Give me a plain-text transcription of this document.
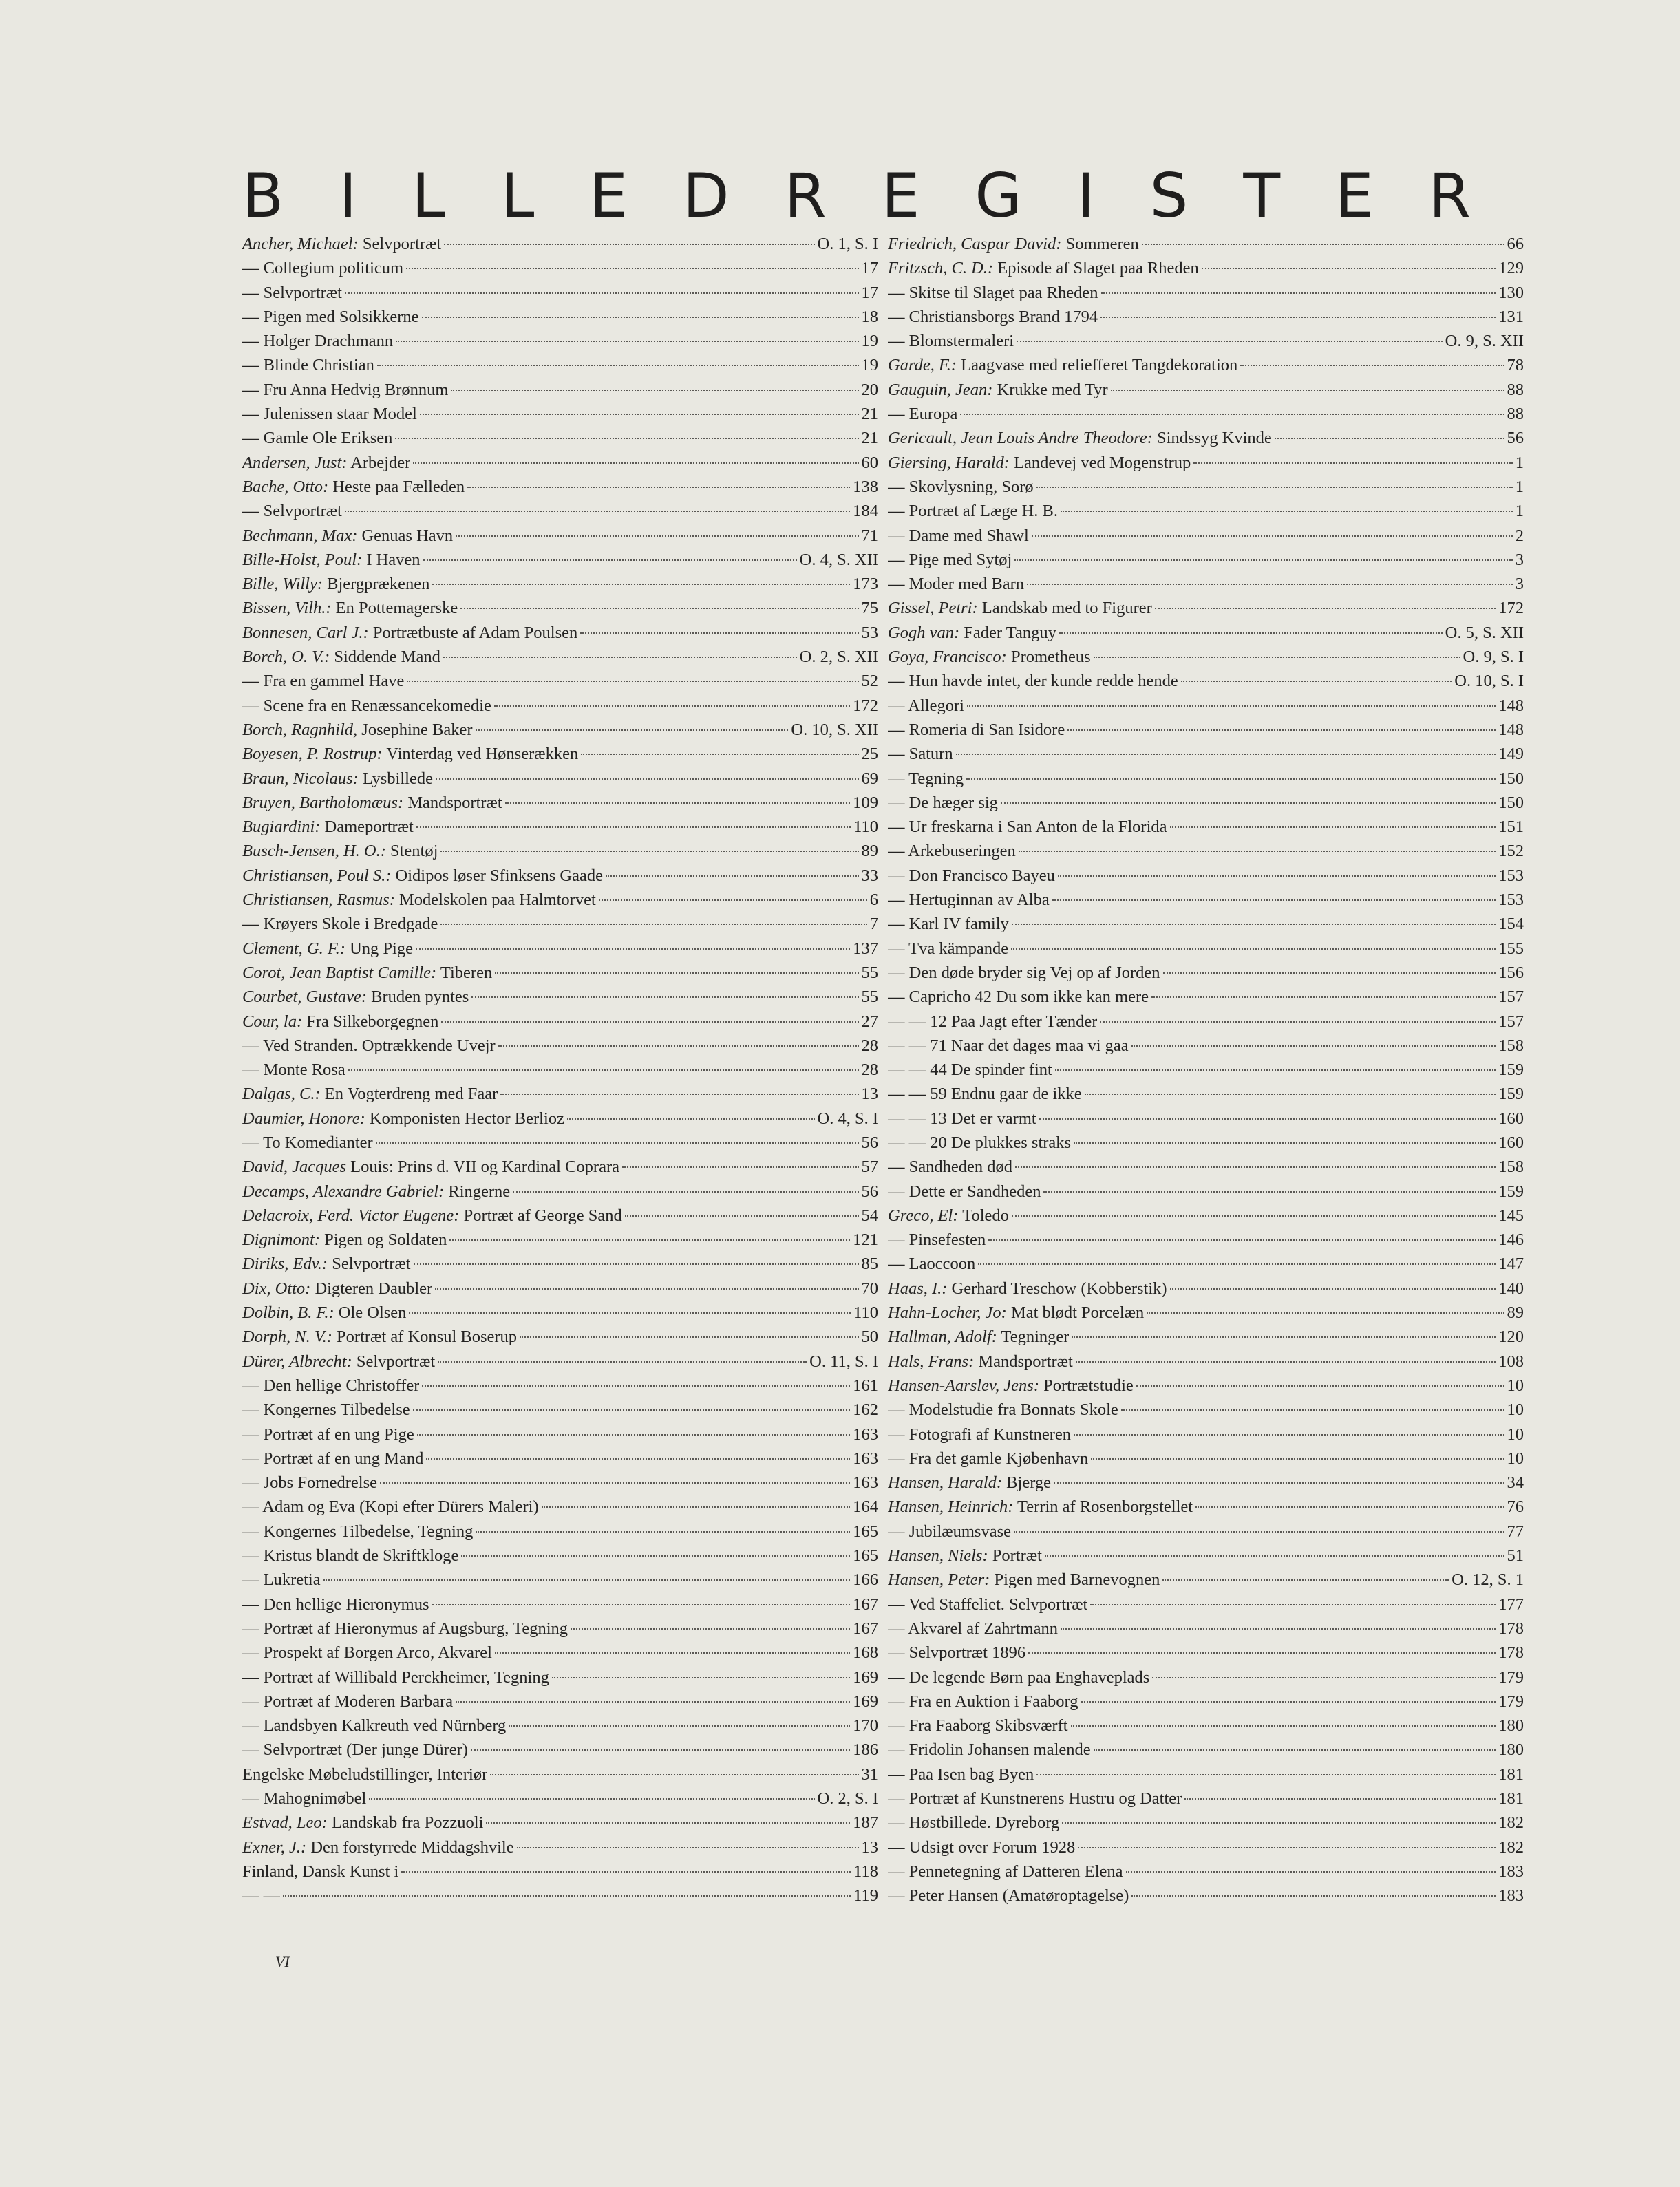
B I L L E D R E G I S T E R
Ancher, Michael: Selvportræt	O. 1, S. I
— Collegium politicum	17
— Selvportræt	17
— Pigen med Solsikkerne	18
— Holger Drachmann	19
— Blinde Christian	19
— Fru Anna Hedvig Brønnum	20
— Julenissen staar Model	21
— Gamle Ole Eriksen	21
Andersen, Just: Arbejder	60
Bache, Otto: Heste paa Fælleden	138
— Selvportræt	184
Bechmann, Max: Genuas Havn	71
Bille-Holst, Poul: I Haven	O. 4, S. XII
Bille, Willy: Bjergprækenen	173
Bissen, Vilh.: En Pottemagerske	75
Bonnesen, Carl J.: Portrætbuste af Adam Poulsen	53
Borch, O. V.: Siddende Mand	O. 2, S. XII
— Fra en gammel Have	52
— Scene fra en Renæssancekomedie	172
Borch, Ragnhild, Josephine Baker	O. 10, S. XII
Boyesen, P. Rostrup: Vinterdag ved Hønserækken	25
Braun, Nicolaus: Lysbillede	69
Bruyen, Bartholomæus: Mandsportræt	109
Bugiardini: Dameportræt	110
Busch-Jensen, H. O.: Stentøj	89
Christiansen, Poul S.: Oidipos løser Sfinksens Gaade	33
Christiansen, Rasmus: Modelskolen paa Halmtorvet	6
— Krøyers Skole i Bredgade	7
Clement, G. F.: Ung Pige	137
Corot, Jean Baptist Camille: Tiberen	55
Courbet, Gustave: Bruden pyntes	55
Cour, la: Fra Silkeborgegnen	27
— Ved Stranden. Optrækkende Uvejr	28
— Monte Rosa	28
Dalgas, C.: En Vogterdreng med Faar	13
Daumier, Honore: Komponisten Hector Berlioz	O. 4, S. I
— To Komedianter	56
David, Jacques Louis: Prins d. VII og Kardinal Coprara	57
Decamps, Alexandre Gabriel: Ringerne	56
Delacroix, Ferd. Victor Eugene: Portræt af George Sand	54
Dignimont: Pigen og Soldaten	121
Diriks, Edv.: Selvportræt	85
Dix, Otto: Digteren Daubler	70
Dolbin, B. F.: Ole Olsen	110
Dorph, N. V.: Portræt af Konsul Boserup	50
Dürer, Albrecht: Selvportræt	O. 11, S. I
— Den hellige Christoffer	161
— Kongernes Tilbedelse	162
— Portræt af en ung Pige	163
— Portræt af en ung Mand	163
— Jobs Fornedrelse	163
— Adam og Eva (Kopi efter Dürers Maleri)	164
— Kongernes Tilbedelse, Tegning	165
— Kristus blandt de Skriftkloge	165
— Lukretia	166
— Den hellige Hieronymus	167
— Portræt af Hieronymus af Augsburg, Tegning	167
— Prospekt af Borgen Arco, Akvarel	168
— Portræt af Willibald Perckheimer, Tegning	169
— Portræt af Moderen Barbara	169
— Landsbyen Kalkreuth ved Nürnberg	170
— Selvportræt (Der junge Dürer)	186
Engelske Møbeludstillinger, Interiør	31
— Mahognimøbel	O. 2, S. I
Estvad, Leo: Landskab fra Pozzuoli	187
Exner, J.: Den forstyrrede Middagshvile	13
Finland, Dansk Kunst i	118
— —	119
Friedrich, Caspar David: Sommeren	66
Fritzsch, C. D.: Episode af Slaget paa Rheden	129
— Skitse til Slaget paa Rheden	130
— Christiansborgs Brand 1794	131
— Blomstermaleri	O. 9, S. XII
Garde, F.: Laagvase med reliefferet Tangdekoration	78
Gauguin, Jean: Krukke med Tyr	88
— Europa	88
Gericault, Jean Louis Andre Theodore: Sindssyg Kvinde	56
Giersing, Harald: Landevej ved Mogenstrup	1
— Skovlysning, Sorø	1
— Portræt af Læge H. B.	1
— Dame med Shawl	2
— Pige med Sytøj	3
— Moder med Barn	3
Gissel, Petri: Landskab med to Figurer	172
Gogh van: Fader Tanguy	O. 5, S. XII
Goya, Francisco: Prometheus	O. 9, S. I
— Hun havde intet, der kunde redde hende	O. 10, S. I
— Allegori	148
— Romeria di San Isidore	148
— Saturn	149
— Tegning	150
— De hæger sig	150
— Ur freskarna i San Anton de la Florida	151
— Arkebuseringen	152
— Don Francisco Bayeu	153
— Hertuginnan av Alba	153
— Karl IV family	154
— Tva kämpande	155
— Den døde bryder sig Vej op af Jorden	156
— Capricho 42 Du som ikke kan mere	157
— — 12 Paa Jagt efter Tænder	157
— — 71 Naar det dages maa vi gaa	158
— — 44 De spinder fint	159
— — 59 Endnu gaar de ikke	159
— — 13 Det er varmt	160
— — 20 De plukkes straks	160
— Sandheden død	158
— Dette er Sandheden	159
Greco, El: Toledo	145
— Pinsefesten	146
— Laoccoon	147
Haas, I.: Gerhard Treschow (Kobberstik)	140
Hahn-Locher, Jo: Mat blødt Porcelæn	89
Hallman, Adolf: Tegninger	120
Hals, Frans: Mandsportræt	108
Hansen-Aarslev, Jens: Portrætstudie	10
— Modelstudie fra Bonnats Skole	10
— Fotografi af Kunstneren	10
— Fra det gamle Kjøbenhavn	10
Hansen, Harald: Bjerge	34
Hansen, Heinrich: Terrin af Rosenborgstellet	76
— Jubilæumsvase	77
Hansen, Niels: Portræt	51
Hansen, Peter: Pigen med Barnevognen	O. 12, S. 1
— Ved Staffeliet. Selvportræt	177
— Akvarel af Zahrtmann	178
— Selvportræt 1896	178
— De legende Børn paa Enghaveplads	179
— Fra en Auktion i Faaborg	179
— Fra Faaborg Skibsværft	180
— Fridolin Johansen malende	180
— Paa Isen bag Byen	181
— Portræt af Kunstnerens Hustru og Datter	181
— Høstbillede. Dyreborg	182
— Udsigt over Forum 1928	182
— Pennetegning af Datteren Elena	183
— Peter Hansen (Amatøroptagelse)	183
VI
